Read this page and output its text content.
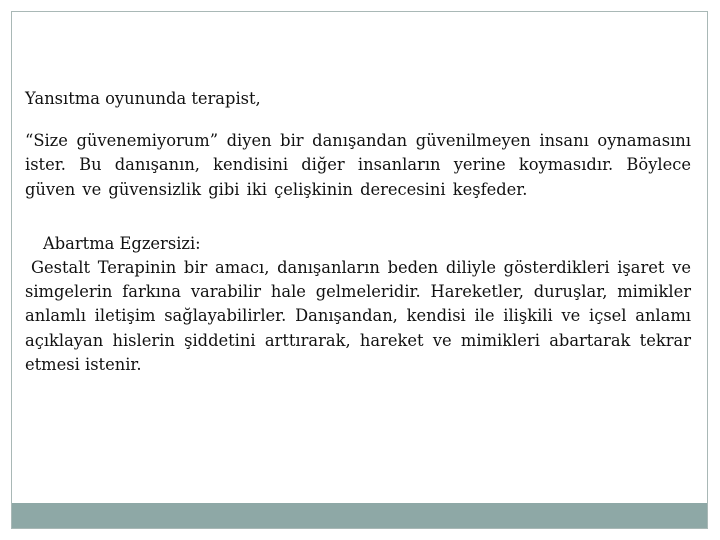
Yansıtma oyununda terapist,

“Size güvenemiyorum” diyen bir danışandan güvenilmeyen insanı oynamasını ister. Bu danışanın, kendisini diğer insanların yerine koymasıdır. Böylece güven ve güvensizlik gibi iki çelişkinin derecesini keşfeder.

Abartma Egzersizi:

Gestalt Terapinin bir amacı, danışanların beden diliyle gösterdikleri işaret ve simgelerin farkına varabilir hale gelmeleridir. Hareketler, duruşlar, mimikler anlamlı iletişim sağlayabilirler. Danışandan, kendisi ile ilişkili ve içsel anlamı açıklayan hislerin şiddetini arttırarak, hareket ve mimikleri abartarak tekrar etmesi istenir.
